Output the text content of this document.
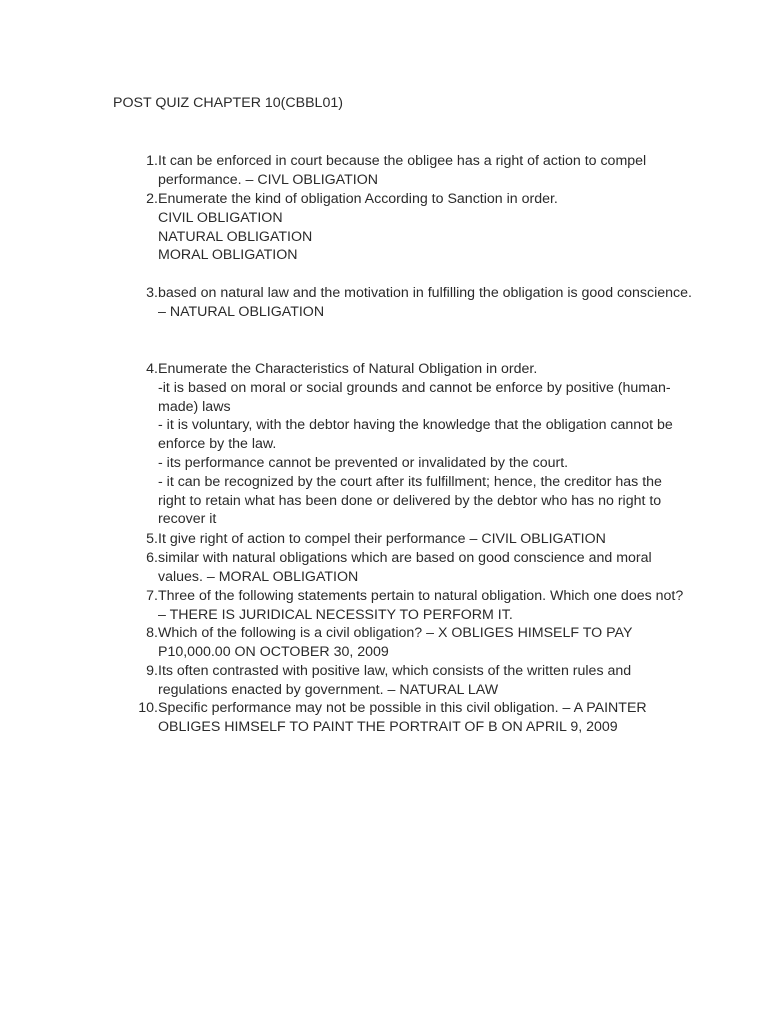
POST QUIZ CHAPTER 10(CBBL01)
1. It can be enforced in court because the obligee has a right of action to compel
performance. – CIVL OBLIGATION
2. Enumerate the kind of obligation According to Sanction in order.
CIVIL OBLIGATION
NATURAL OBLIGATION
MORAL OBLIGATION
3. based on natural law and the motivation in fulfilling the obligation is good conscience.
– NATURAL OBLIGATION
4. Enumerate the Characteristics of Natural Obligation in order.
-it is based on moral or social grounds and cannot be enforce by positive (human-
made) laws
- it is voluntary, with the debtor having the knowledge that the obligation cannot be
enforce by the law.
- its performance cannot be prevented or invalidated by the court.
- it can be recognized by the court after its fulfillment; hence, the creditor has the
right to retain what has been done or delivered by the debtor who has no right to
recover it
5. It give right of action to compel their performance – CIVIL OBLIGATION
6. similar with natural obligations which are based on good conscience and moral
values. – MORAL OBLIGATION
7. Three of the following statements pertain to natural obligation. Which one does not?
– THERE IS JURIDICAL NECESSITY TO PERFORM IT.
8. Which of the following is a civil obligation? – X OBLIGES HIMSELF TO PAY
P10,000.00 ON OCTOBER 30, 2009
9. Its often contrasted with positive law, which consists of the written rules and
regulations enacted by government. – NATURAL LAW
10. Specific performance may not be possible in this civil obligation. – A PAINTER
OBLIGES HIMSELF TO PAINT THE PORTRAIT OF B ON APRIL 9, 2009
